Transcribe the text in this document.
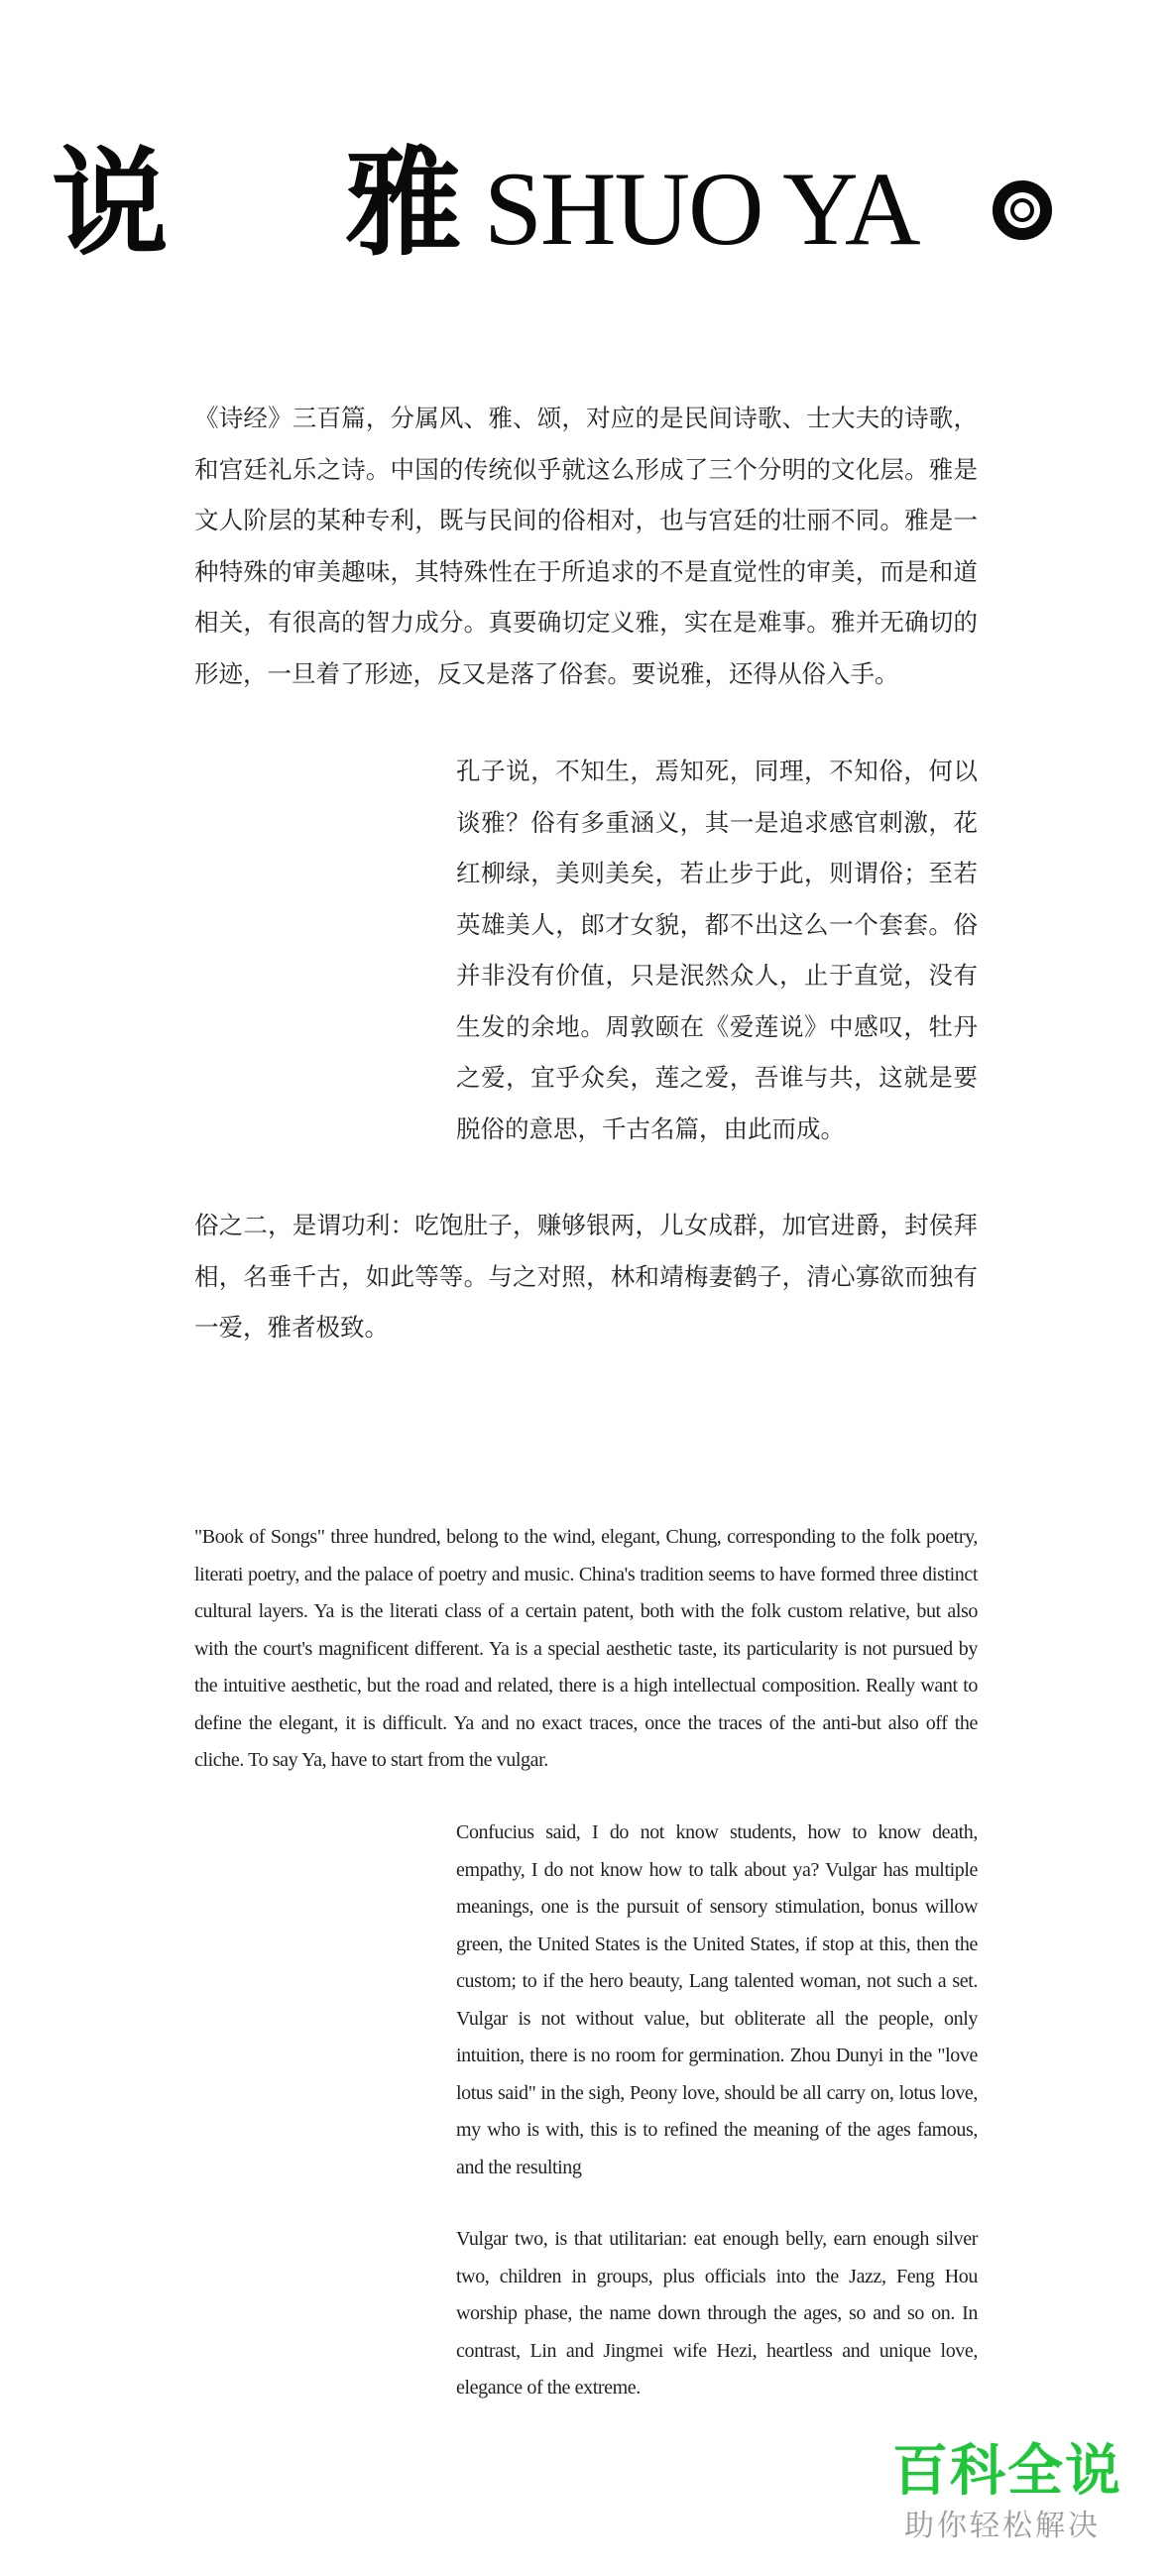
说 雅 SHUO YA

《诗经》三百篇，分属风、雅、颂，对应的是民间诗歌、士大夫的诗歌，和宫廷礼乐之诗。中国的传统似乎就这么形成了三个分明的文化层。雅是文人阶层的某种专利，既与民间的俗相对，也与宫廷的壮丽不同。雅是一种特殊的审美趣味，其特殊性在于所追求的不是直觉性的审美，而是和道相关，有很高的智力成分。真要确切定义雅，实在是难事。雅并无确切的形迹，一旦着了形迹，反又是落了俗套。要说雅，还得从俗入手。

孔子说，不知生，焉知死，同理，不知俗，何以谈雅？俗有多重涵义，其一是追求感官刺激，花红柳绿，美则美矣，若止步于此，则谓俗；至若英雄美人，郎才女貌，都不出这么一个套套。俗并非没有价值，只是泯然众人，止于直觉，没有生发的余地。周敦颐在《爱莲说》中感叹，牡丹之爱，宜乎众矣，莲之爱，吾谁与共，这就是要脱俗的意思，千古名篇，由此而成。

俗之二，是谓功利：吃饱肚子，赚够银两，儿女成群，加官进爵，封侯拜相，名垂千古，如此等等。与之对照，林和靖梅妻鹤子，清心寡欲而独有一爱，雅者极致。

"Book of Songs" three hundred, belong to the wind, elegant, Chung, corresponding to the folk poetry, literati poetry, and the palace of poetry and music. China's tradition seems to have formed three distinct cultural layers. Ya is the literati class of a certain patent, both with the folk custom relative, but also with the court's magnificent different. Ya is a special aesthetic taste, its particularity is not pursued by the intuitive aesthetic, but the road and related, there is a high intellectual composition. Really want to define the elegant, it is difficult. Ya and no exact traces, once the traces of the anti-but also off the cliche. To say Ya, have to start from the vulgar.

Confucius said, I do not know students, how to know death, empathy, I do not know how to talk about ya? Vulgar has multiple meanings, one is the pursuit of sensory stimulation, bonus willow green, the United States is the United States, if stop at this, then the custom; to if the hero beauty, Lang talented woman, not such a set. Vulgar is not without value, but obliterate all the people, only intuition, there is no room for germination. Zhou Dunyi in the "love lotus said" in the sigh, Peony love, should be all carry on, lotus love, my who is with, this is to refined the meaning of the ages famous, and the resulting

Vulgar two, is that utilitarian: eat enough belly, earn enough silver two, children in groups, plus officials into the Jazz, Feng Hou worship phase, the name down through the ages, so and so on. In contrast, Lin and Jingmei wife Hezi, heartless and unique love, elegance of the extreme.

百科全说
助你轻松解决
